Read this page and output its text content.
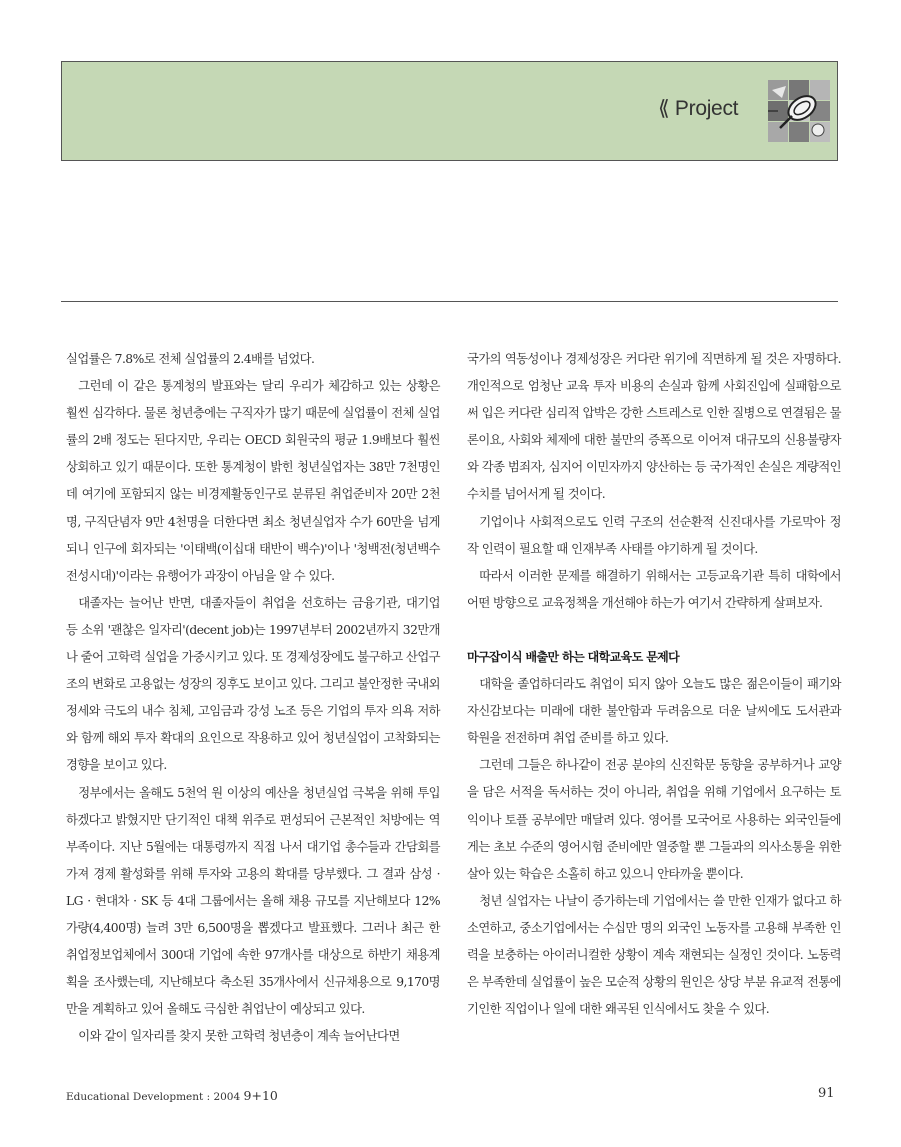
⟪ Project

실업률은 7.8%로 전체 실업률의 2.4배를 넘었다.

그런데 이 같은 통계청의 발표와는 달리 우리가 체감하고 있는 상황은 훨씬 심각하다. 물론 청년층에는 구직자가 많기 때문에 실업률이 전체 실업률의 2배 정도는 된다지만, 우리는 OECD 회원국의 평균 1.9배보다 훨씬 상회하고 있기 때문이다. 또한 통계청이 밝힌 청년실업자는 38만 7천명인데 여기에 포함되지 않는 비경제활동인구로 분류된 취업준비자 20만 2천명, 구직단념자 9만 4천명을 더한다면 최소 청년실업자 수가 60만을 넘게 되니 인구에 회자되는 '이태백(이십대 태반이 백수)'이나 '청백전(청년백수전성시대)'이라는 유행어가 과장이 아님을 알 수 있다.

대졸자는 늘어난 반면, 대졸자들이 취업을 선호하는 금융기관, 대기업 등 소위 '괜찮은 일자리'(decent job)는 1997년부터 2002년까지 32만개나 줄어 고학력 실업을 가중시키고 있다. 또 경제성장에도 불구하고 산업구조의 변화로 고용없는 성장의 징후도 보이고 있다. 그리고 불안정한 국내외 정세와 극도의 내수 침체, 고임금과 강성 노조 등은 기업의 투자 의욕 저하와 함께 해외 투자 확대의 요인으로 작용하고 있어 청년실업이 고착화되는 경향을 보이고 있다.

정부에서는 올해도 5천억 원 이상의 예산을 청년실업 극복을 위해 투입하겠다고 밝혔지만 단기적인 대책 위주로 편성되어 근본적인 처방에는 역부족이다. 지난 5월에는 대통령까지 직접 나서 대기업 총수들과 간담회를 가져 경제 활성화를 위해 투자와 고용의 확대를 당부했다. 그 결과 삼성 · LG · 현대차 · SK 등 4대 그룹에서는 올해 채용 규모를 지난해보다 12% 가량(4,400명) 늘려 3만 6,500명을 뽑겠다고 발표했다. 그러나 최근 한 취업정보업체에서 300대 기업에 속한 97개사를 대상으로 하반기 채용계획을 조사했는데, 지난해보다 축소된 35개사에서 신규채용으로 9,170명만을 계획하고 있어 올해도 극심한 취업난이 예상되고 있다.

이와 같이 일자리를 찾지 못한 고학력 청년층이 계속 늘어난다면

국가의 역동성이나 경제성장은 커다란 위기에 직면하게 될 것은 자명하다. 개인적으로 엄청난 교육 투자 비용의 손실과 함께 사회진입에 실패함으로써 입은 커다란 심리적 압박은 강한 스트레스로 인한 질병으로 연결됨은 물론이요, 사회와 체제에 대한 불만의 증폭으로 이어져 대규모의 신용불량자와 각종 범죄자, 심지어 이민자까지 양산하는 등 국가적인 손실은 계량적인 수치를 넘어서게 될 것이다.

기업이나 사회적으로도 인력 구조의 선순환적 신진대사를 가로막아 정작 인력이 필요할 때 인재부족 사태를 야기하게 될 것이다.

따라서 이러한 문제를 해결하기 위해서는 고등교육기관 특히 대학에서 어떤 방향으로 교육정책을 개선해야 하는가 여기서 간략하게 살펴보자.

마구잡이식 배출만 하는 대학교육도 문제다

대학을 졸업하더라도 취업이 되지 않아 오늘도 많은 젊은이들이 패기와 자신감보다는 미래에 대한 불안함과 두려움으로 더운 날씨에도 도서관과 학원을 전전하며 취업 준비를 하고 있다.

그런데 그들은 하나같이 전공 분야의 신진학문 동향을 공부하거나 교양을 담은 서적을 독서하는 것이 아니라, 취업을 위해 기업에서 요구하는 토익이나 토플 공부에만 매달려 있다. 영어를 모국어로 사용하는 외국인들에게는 초보 수준의 영어시험 준비에만 열중할 뿐 그들과의 의사소통을 위한 살아 있는 학습은 소홀히 하고 있으니 안타까울 뿐이다.

청년 실업자는 나날이 증가하는데 기업에서는 쓸 만한 인재가 없다고 하소연하고, 중소기업에서는 수십만 명의 외국인 노동자를 고용해 부족한 인력을 보충하는 아이러니컬한 상황이 계속 재현되는 실정인 것이다. 노동력은 부족한데 실업률이 높은 모순적 상황의 원인은 상당 부분 유교적 전통에 기인한 직업이나 일에 대한 왜곡된 인식에서도 찾을 수 있다.

Educational Development : 2004 9+10	91
